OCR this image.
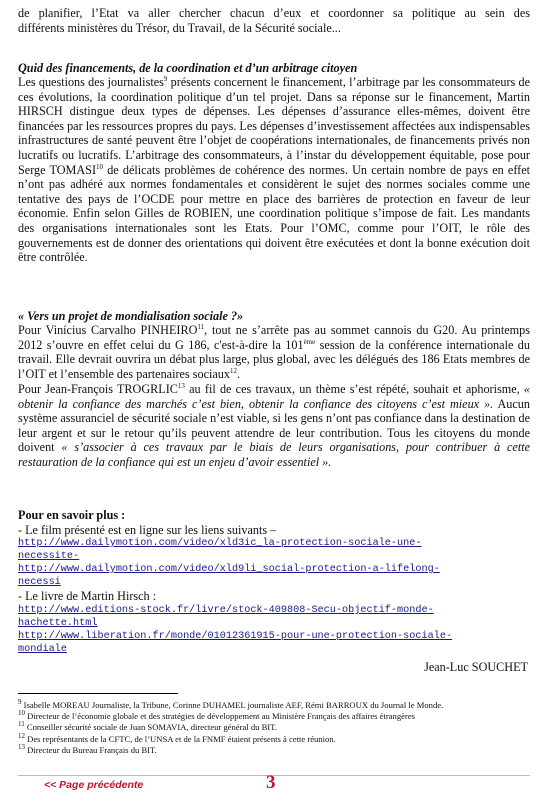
de planifier, l’Etat va aller chercher chacun d’eux et coordonner sa politique au sein des
différents ministères du Trésor, du Travail, de la Sécurité sociale...
Quid des financements, de la coordination et d’un arbitrage citoyen

Les questions des journalistes$^9$ présents concernent le financement, l’arbitrage par les consommateurs de ces évolutions, la coordination politique d’un tel projet. Dans sa réponse sur le financement, Martin HIRSCH distingue deux types de dépenses. Les dépenses d’assurance elles-mêmes, doivent être financées par les ressources propres du pays. Les dépenses d’investissement affectées aux indispensables infrastructures de santé peuvent être l’objet de coopérations internationales, de financements privés non lucratifs ou lucratifs. L’arbitrage des consommateurs, à l’instar du développement équitable, pose pour Serge TOMASI$^{10}$ de délicats problèmes de cohérence des normes. Un certain nombre de pays en effet n’ont pas adhéré aux normes fondamentales et considèrent le sujet des normes sociales comme une tentative des pays de l’OCDE pour mettre en place des barrières de protection en faveur de leur économie. Enfin selon Gilles de ROBIEN, une coordination politique s’impose de fait. Les mandants des organisations internationales sont les Etats. Pour l’OMC, comme pour l’OIT, le rôle des gouvernements est de donner des orientations qui doivent être exécutées et dont la bonne exécution doit être contrôlée.

« Vers un projet de mondialisation sociale ?»

Pour Vinícius Carvalho PINHEIRO$^{11}$, tout ne s’arrête pas au sommet cannois du G20. Au printemps 2012 s’ouvre en effet celui du G 186, c'est-à-dire la 101ème session de la conférence internationale du travail. Elle devrait ouvrira un débat plus large, plus global, avec les délégués des 186 Etats membres de l’OIT et l’ensemble des partenaires sociaux$^{12}$.

Pour Jean-François TROGRLIC$^{13}$ au fil de ces travaux, un thème s’est répété, souhait et aphorisme, « obtenir la confiance des marchés c’est bien, obtenir la confiance des citoyens c’est mieux ». Aucun système assuranciel de sécurité sociale n’est viable, si les gens n’ont pas confiance dans la destination de leur argent et sur le retour qu’ils peuvent attendre de leur contribution. Tous les citoyens du monde doivent « s’associer à ces travaux par le biais de leurs organisations, pour contribuer à cette restauration de la confiance qui est un enjeu d’avoir essentiel ».

Pour en savoir plus :
- Le film présenté est en ligne sur les liens suivants –
http://www.dailymotion.com/video/xld3ic_la-protection-sociale-une-
necessite-
http://www.dailymotion.com/video/xld9li_social-protection-a-lifelong-
necessi
- Le livre de Martin Hirsch :
http://www.editions-stock.fr/livre/stock-409808-Secu-objectif-monde-
hachette.html
http://www.liberation.fr/monde/01012361915-pour-une-protection-sociale-
mondiale
Jean-Luc SOUCHET
$^9$ Isabelle MOREAU Journaliste, la Tribune, Corinne DUHAMEL journaliste AEF, Rémi BARROUX du Journal le Monde.
$^{10}$ Directeur de l’économie globale et des stratégies de développement au Ministère Français des affaires étrangères
$^{11}$ Conseiller sécurité sociale de Juan SOMAVIA, directeur général du BIT.
$^{12}$ Des représentants de la CFTC, de l’UNSA et de la FNMF étaient présents à cette réunion.
$^{13}$ Directeur du Bureau Français du BIT.
<< Page précédente	3
